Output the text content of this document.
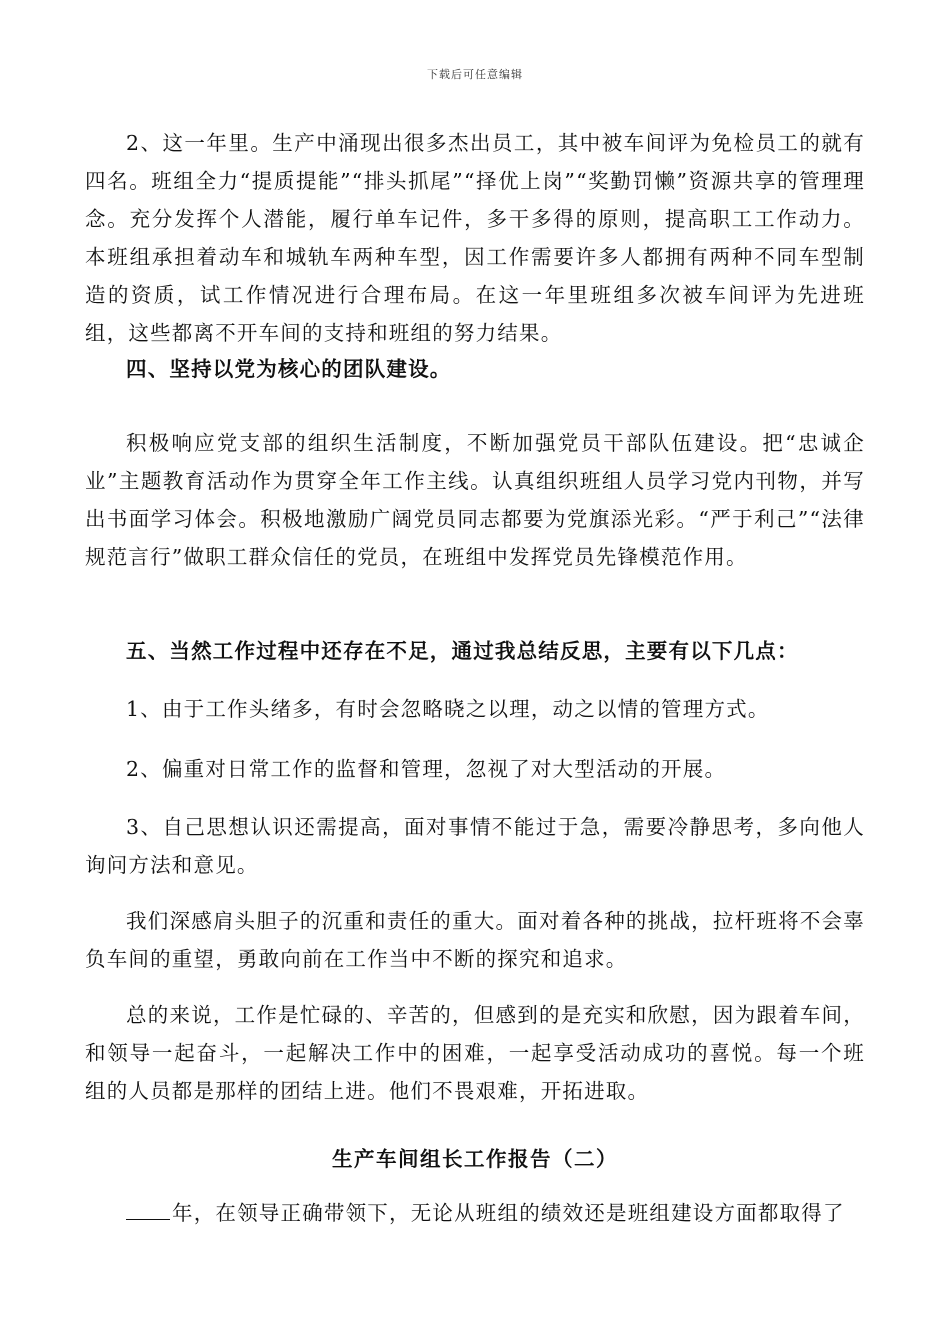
下载后可任意编辑

2、这一年里。生产中涌现出很多杰出员工，其中被车间评为免检员工的就有四名。班组全力“提质提能”“排头抓尾”“择优上岗”“奖勤罚懒”资源共享的管理理念。充分发挥个人潜能，履行单车记件，多干多得的原则，提高职工工作动力。本班组承担着动车和城轨车两种车型，因工作需要许多人都拥有两种不同车型制造的资质，试工作情况进行合理布局。在这一年里班组多次被车间评为先进班组，这些都离不开车间的支持和班组的努力结果。

四、坚持以党为核心的团队建设。

积极响应党支部的组织生活制度，不断加强党员干部队伍建设。把“忠诚企业”主题教育活动作为贯穿全年工作主线。认真组织班组人员学习党内刊物，并写出书面学习体会。积极地激励广阔党员同志都要为党旗添光彩。“严于利己”“法律规范言行”做职工群众信任的党员，在班组中发挥党员先锋模范作用。

五、当然工作过程中还存在不足，通过我总结反思，主要有以下几点：

1、由于工作头绪多，有时会忽略晓之以理，动之以情的管理方式。

2、偏重对日常工作的监督和管理，忽视了对大型活动的开展。

3、自己思想认识还需提高，面对事情不能过于急，需要冷静思考，多向他人询问方法和意见。

我们深感肩头胆子的沉重和责任的重大。面对着各种的挑战，拉杆班将不会辜负车间的重望，勇敢向前在工作当中不断的探究和追求。

总的来说，工作是忙碌的、辛苦的，但感到的是充实和欣慰，因为跟着车间，和领导一起奋斗，一起解决工作中的困难，一起享受活动成功的喜悦。每一个班组的人员都是那样的团结上进。他们不畏艰难，开拓进取。

生产车间组长工作报告（二）

年，在领导正确带领下，无论从班组的绩效还是班组建设方面都取得了
